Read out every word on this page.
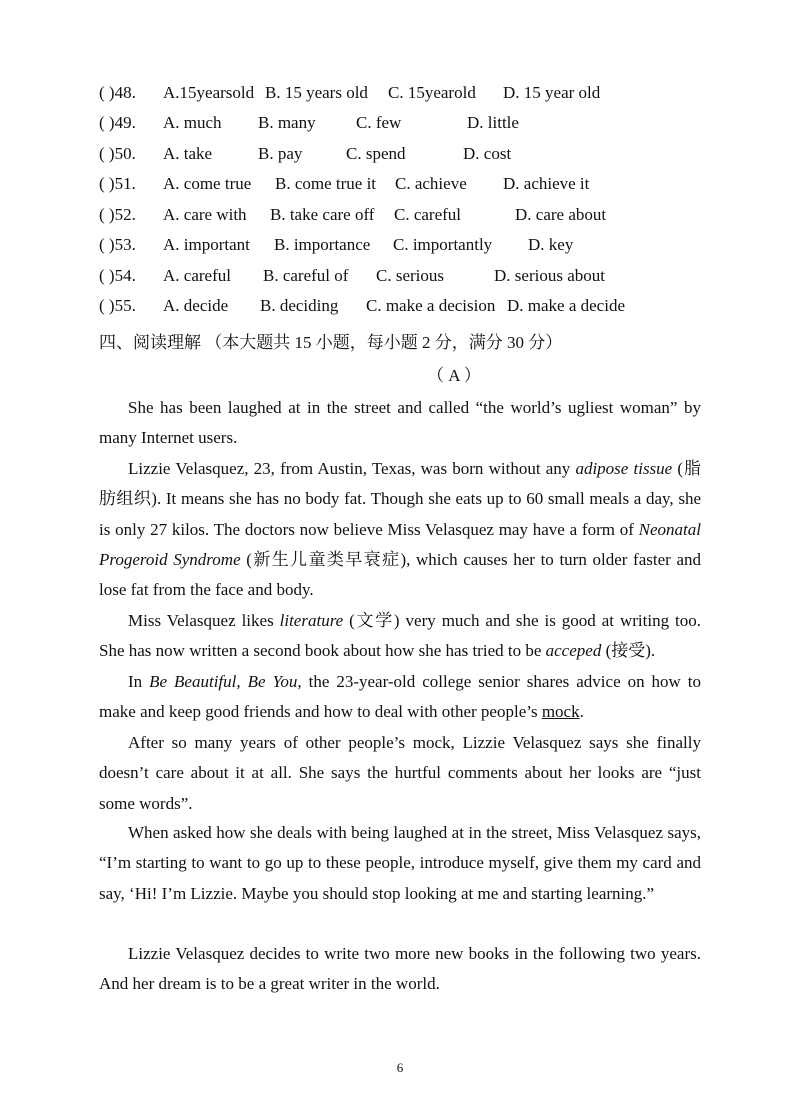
( )48. A.15yearsold B. 15 years old C. 15yearold D. 15 year old
( )49. A. much B. many C. few	D. little
( )50. A. take	B. pay	C. spend	D. cost
( )51. A. come true B. come true it C. achieve D. achieve it
( )52. A. care with B. take care off C. careful	D. care about
( )53. A. important B. importance C. importantly D. key
( )54. A. careful B. careful of C. serious	D. serious about
( )55. A. decide B. deciding C. make a decision D. make a decide
四、阅读理解 （本大题共 15 小题，每小题 2 分，满分 30 分）
（ A ）
She has been laughed at in the street and called “the world’s ugliest woman” by many Internet users.
Lizzie Velasquez, 23, from Austin, Texas, was born without any adipose tissue (脂肪组织). It means she has no body fat. Though she eats up to 60 small meals a day, she is only 27 kilos. The doctors now believe Miss Velasquez may have a form of Neonatal Progeroid Syndrome (新生儿童类早衰症), which causes her to turn older faster and lose fat from the face and body.
Miss Velasquez likes literature (文学) very much and she is good at writing too. She has now written a second book about how she has tried to be acceped (接受).
In Be Beautiful, Be You, the 23-year-old college senior shares advice on how to make and keep good friends and how to deal with other people’s mock.
After so many years of other people’s mock, Lizzie Velasquez says she finally doesn’t care about it at all. She says the hurtful comments about her looks are “just some words”.
When asked how she deals with being laughed at in the street, Miss Velasquez says, “I’m starting to want to go up to these people, introduce myself, give them my card and say, ‘Hi! I’m Lizzie. Maybe you should stop looking at me and starting learning.”
Lizzie Velasquez decides to write two more new books in the following two years. And her dream is to be a great writer in the world.
6
